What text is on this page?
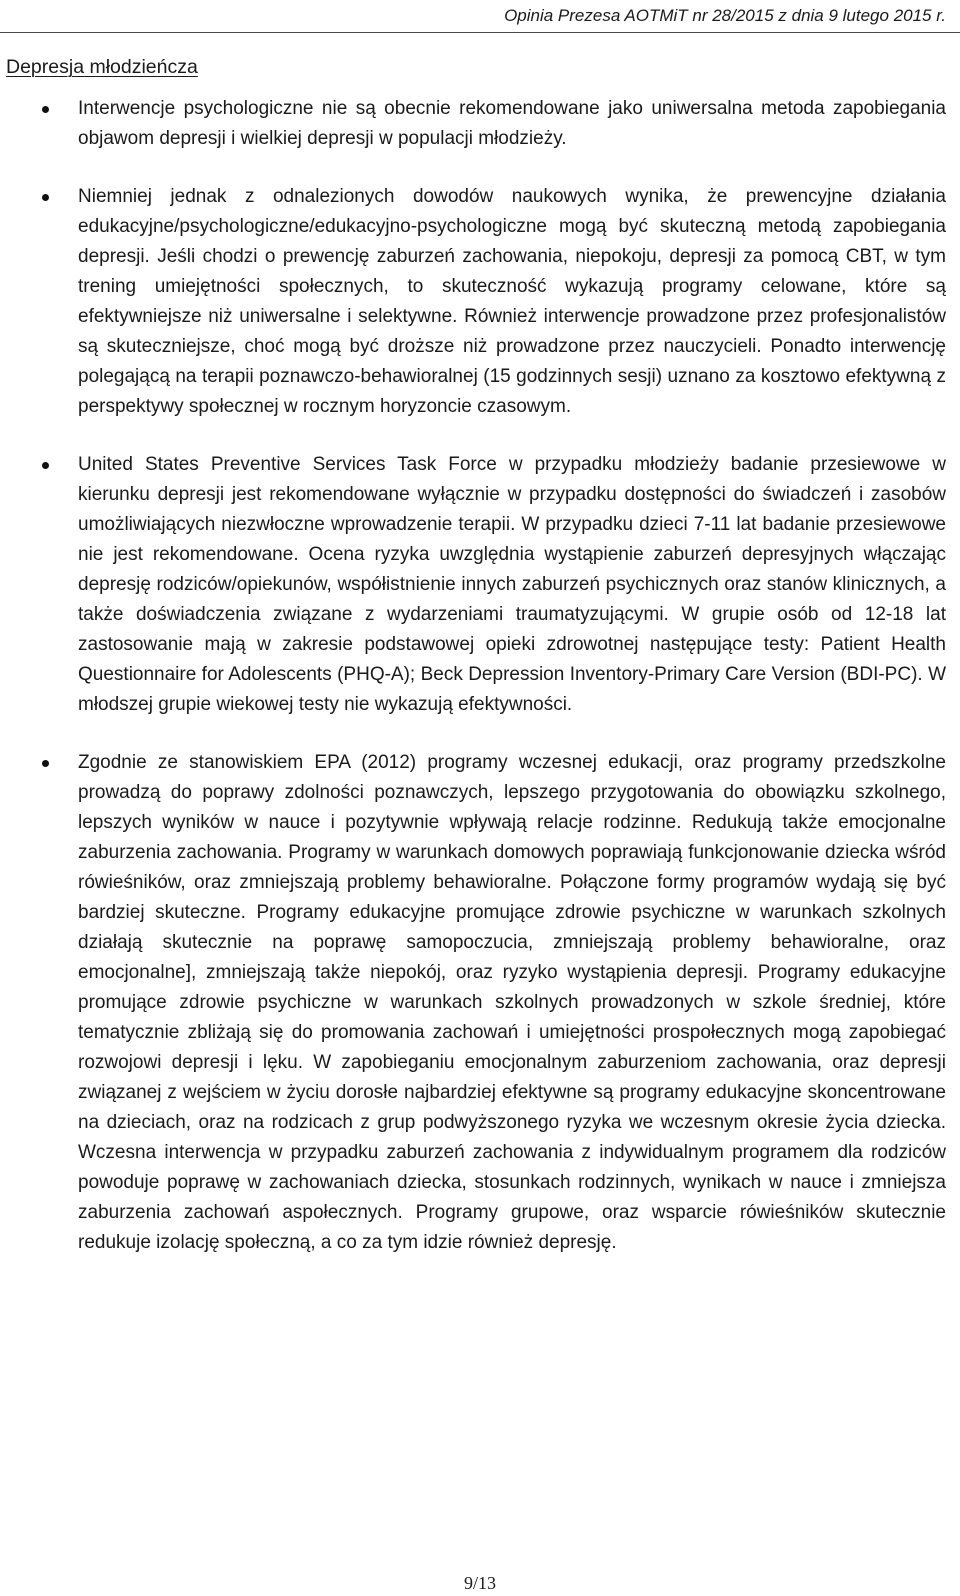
Opinia Prezesa AOTMiT nr 28/2015 z dnia 9 lutego 2015 r.
Depresja młodzieńcza
Interwencje psychologiczne nie są obecnie rekomendowane jako uniwersalna metoda zapobiegania objawom depresji i wielkiej depresji w populacji młodzieży.
Niemniej jednak z odnalezionych dowodów naukowych wynika, że prewencyjne działania edukacyjne/psychologiczne/edukacyjno-psychologiczne mogą być skuteczną metodą zapobiegania depresji. Jeśli chodzi o prewencję zaburzeń zachowania, niepokoju, depresji za pomocą CBT, w tym trening umiejętności społecznych, to skuteczność wykazują programy celowane, które są efektywniejsze niż uniwersalne i selektywne. Również interwencje prowadzone przez profesjonalistów są skuteczniejsze, choć mogą być droższe niż prowadzone przez nauczycieli. Ponadto interwencję polegającą na terapii poznawczo-behawioralnej (15 godzinnych sesji) uznano za kosztowo efektywną z perspektywy społecznej w rocznym horyzoncie czasowym.
United States Preventive Services Task Force w przypadku młodzieży badanie przesiewowe w kierunku depresji jest rekomendowane wyłącznie w przypadku dostępności do świadczeń i zasobów umożliwiających niezwłoczne wprowadzenie terapii. W przypadku dzieci 7-11 lat badanie przesiewowe nie jest rekomendowane. Ocena ryzyka uwzględnia wystąpienie zaburzeń depresyjnych włączając depresję rodziców/opiekunów, współistnienie innych zaburzeń psychicznych oraz stanów klinicznych, a także doświadczenia związane z wydarzeniami traumatyzującymi. W grupie osób od 12-18 lat zastosowanie mają w zakresie podstawowej opieki zdrowotnej następujące testy: Patient Health Questionnaire for Adolescents (PHQ-A); Beck Depression Inventory-Primary Care Version (BDI-PC). W młodszej grupie wiekowej testy nie wykazują efektywności.
Zgodnie ze stanowiskiem EPA (2012) programy wczesnej edukacji, oraz programy przedszkolne prowadzą do poprawy zdolności poznawczych, lepszego przygotowania do obowiązku szkolnego, lepszych wyników w nauce i pozytywnie wpływają relacje rodzinne. Redukują także emocjonalne zaburzenia zachowania. Programy w warunkach domowych poprawiają funkcjonowanie dziecka wśród rówieśników, oraz zmniejszają problemy behawioralne. Połączone formy programów wydają się być bardziej skuteczne. Programy edukacyjne promujące zdrowie psychiczne w warunkach szkolnych działają skutecznie na poprawę samopoczucia, zmniejszają problemy behawioralne, oraz emocjonalne], zmniejszają także niepokój, oraz ryzyko wystąpienia depresji. Programy edukacyjne promujące zdrowie psychiczne w warunkach szkolnych prowadzonych w szkole średniej, które tematycznie zbliżają się do promowania zachowań i umiejętności prospołecznych mogą zapobiegać rozwojowi depresji i lęku. W zapobieganiu emocjonalnym zaburzeniom zachowania, oraz depresji związanej z wejściem w życiu dorosłe najbardziej efektywne są programy edukacyjne skoncentrowane na dzieciach, oraz na rodzicach z grup podwyższonego ryzyka we wczesnym okresie życia dziecka. Wczesna interwencja w przypadku zaburzeń zachowania z indywidualnym programem dla rodziców powoduje poprawę w zachowaniach dziecka, stosunkach rodzinnych, wynikach w nauce i zmniejsza zaburzenia zachowań aspołecznych. Programy grupowe, oraz wsparcie rówieśników skutecznie redukuje izolację społeczną, a co za tym idzie również depresję.
9/13
